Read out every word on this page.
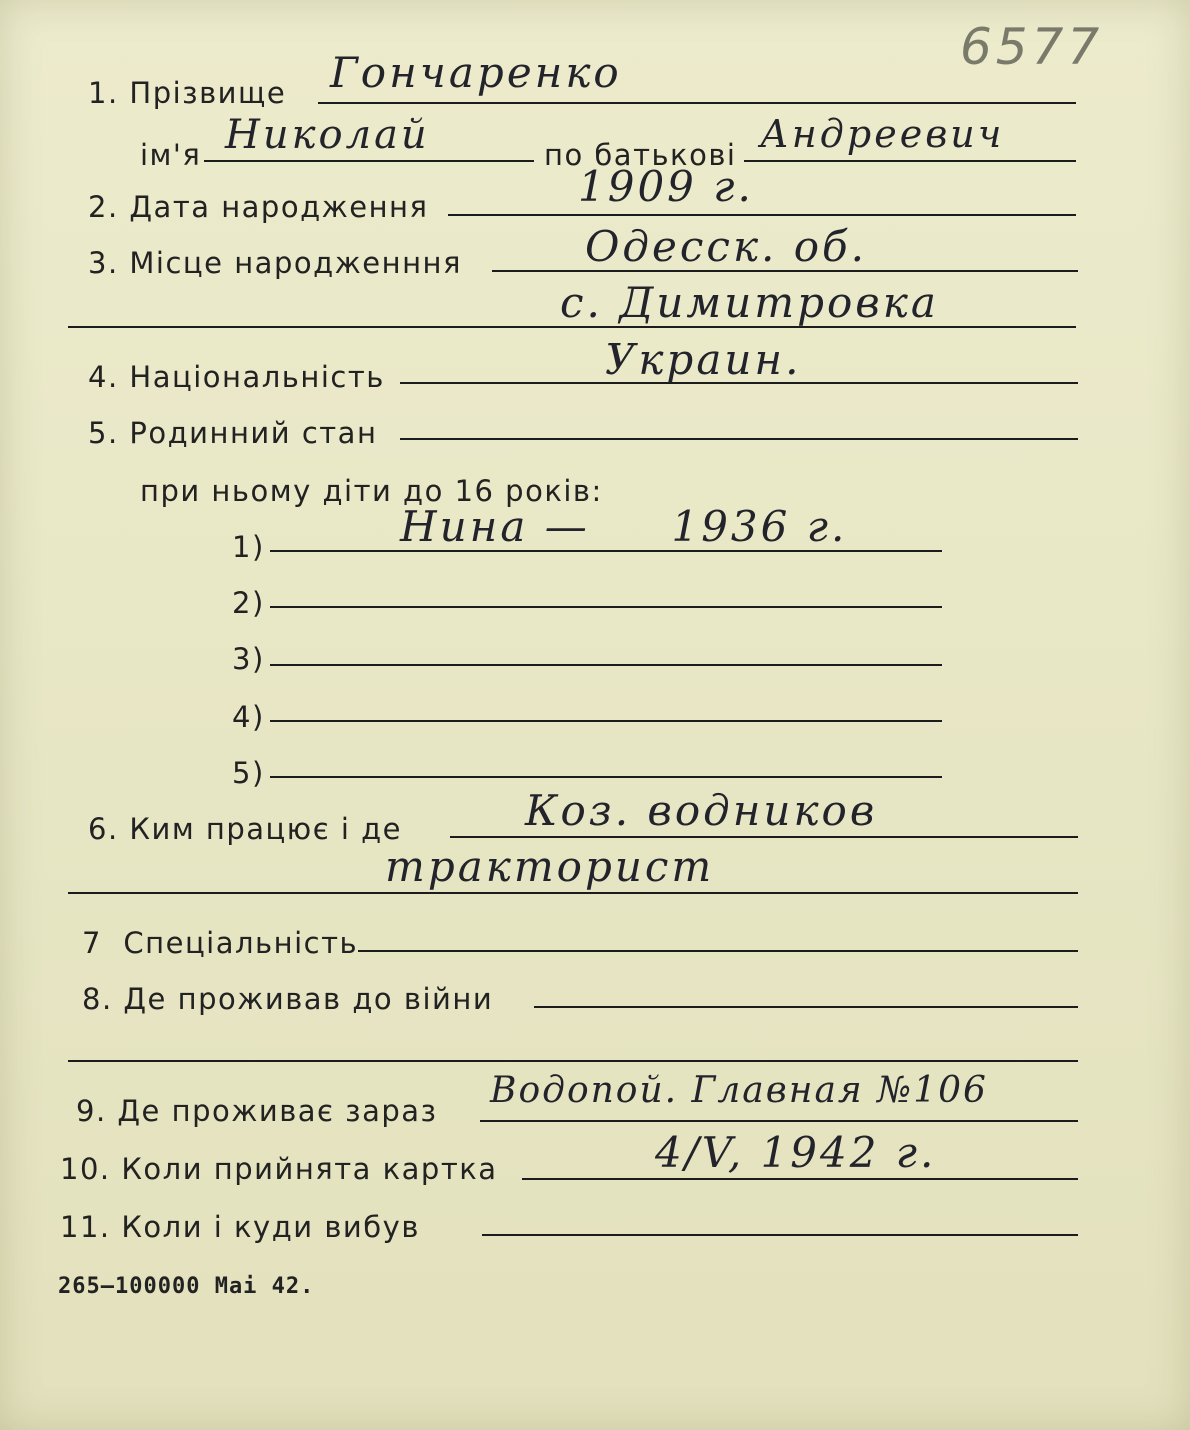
6577
1. Прізвище Гончаренко
ім'я Николай	по батькові Андреевич
2. Дата народження	1909 г.
3. Місце народженння	Одесск. об.
с. Димитровка
4. Національність	Украин.
5. Родинний стан
при ньому діти до 16 років:
1)	Нина —     1936 г.
2)
3)
4)
5)
6. Ким працює і де	Коз. водников
тракторист
7  Спеціальність
8. Де проживав до війни
9. Де проживає зараз Водопой. Главная №106
10. Коли прийнята картка	4/V, 1942 г.
11. Коли і куди вибув
265—100000 Mai 42.
